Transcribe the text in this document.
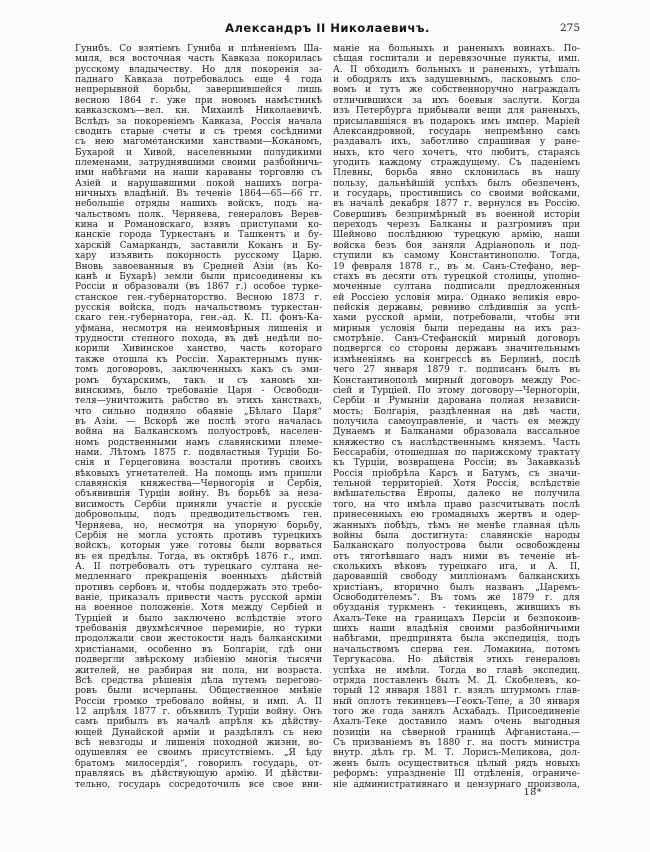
Александръ II Николаевичъ.	275
Гунибъ. Со взятіемъ Гуниба и плѣненіемъ Ша-
миля, вся восточная часть Кавказа покорилась
русскому владычеству. Но для покоренія за-
паднаго Кавказа потребовалось еще 4 года
непрерывной борьбы, завершившейся лишь
весною 1864 г. уже при новомъ намѣстникѣ
кавказскомъ—вел. кн. Михаилѣ Николаевичѣ.
Вслѣдъ за покореніемъ Кавказа, Россія начала
сводить старые счеты и съ тремя сосѣдними
съ нею магометанскими ханствами—Коканомъ,
Бухарой и Хивой, населенными полудикими
племенами, затруднявшими своими разбойничь-
ими набѣгами на наши караваны торговлю съ
Азіей и нарушавшими покой нашихъ погра-
ничныхъ владѣній. Въ теченіе 1864—65—66 гг.
небольшіе отряды нашихъ войскъ, подъ на-
чальствомъ полк. Черняева, генераловъ Верев-
кина и Романовскаго, взявъ приступами ко-
канскіе города Туркестанъ и Ташкентъ и бу-
харскій Самаркандъ, заставили Коканъ и Бу-
хару изъявить покорность русскому Царю.
Вновь завоеванныя въ Средней Азіи (въ Ко-
канѣ и Бухарѣ) земли были присоединены къ
Россіи и образовали (въ 1867 г.) особое турке-
станское ген.-губернаторство. Весною 1873 г.
русскія войска, подъ начальствомъ туркестан-
скаго ген.-губернатора, ген.-ад. К. П. фонъ-Ка-
уфмана, несмотря на неимовѣрныя лишенія и
трудности степного похода, въ двѣ недѣли по-
корили Хивинское ханство, часть котораго
также отошла къ Россіи. Характернымъ пунк-
томъ договоровъ, заключенныхъ какъ съ эми-
ромъ бухарскимъ, такъ и съ ханомъ хи-
винскимъ, было требованіе Царя - Освободи-
теля—уничтожить рабство въ этихъ ханствахъ,
что сильно подняло обаяніе „Бѣлаго Царя“
въ Азіи. — Вскорѣ же послѣ этого началась
война на Балканскомъ полуостровѣ, населен-
номъ родственными намъ славянскими племе-
нами. Лѣтомъ 1875 г. подвластныя Турціи Бо-
снія и Герцеговина возстали противъ своихъ
вѣковыхъ угнетателей. На помощь имъ пришли
славянскія княжества—Черногорія и Сербія,
объявившія Турціи войну. Въ борьбѣ за неза-
висимость Сербіи приняли участіе и русскіе
добровольцы, подъ предводительствомъ ген.
Черняева, но, несмотря на упорную борьбу,
Сербія не могла устоять противъ турецкихъ
войскъ, которыя уже готовы были ворваться
въ ея предѣлы. Тогда, въ октябрѣ 1876 г., имп.
А. II потребовалъ отъ турецкаго султана не-
медленнаго прекращенія военныхъ дѣйствій
противъ сербовъ и, чтобы поддержать это требо-
ваніе, приказалъ привести часть русской арміи
на военное положеніе. Хотя между Сербіей и
Турціей и было заключено вслѣдствіе этого
требованія двухмѣсячное перемиріе, но турки
продолжали свои жестокости надъ балканскими
христіанами, особенно въ Болгаріи, гдѣ они
подвергли звѣрскому избіенію многія тысячи
жителей, не разбирая ни пола, ни возраста.
Всѣ средства рѣшенія дѣла путемъ перегово-
ровъ были исчерпаны. Общественное мнѣніе
Россіи громко требовало войны, и имп. А. II
12 апрѣля 1877 г. объявилъ Турціи войну. Онъ
самъ прибылъ въ началѣ апрѣля къ дѣйству-
ющей Дунайской арміи и раздѣлялъ съ нею
всѣ невзгоды и лишенія походной жизни, во-
одушевляя ее своимъ присутствіемъ. „Я ѣду
братомъ милосердія“, говорилъ государь, от-
правляясь въ дѣйствующую армію. И дѣйстви-
тельно, государь сосредоточилъ все свое вни-
маніе на больныхъ и раненыхъ воинахъ. По-
сѣщая госпитали и перевязочные пункты, имп.
А. II обходилъ больныхъ и раненыхъ, утѣшалъ
и ободрялъ ихъ задушевнымъ, ласковымъ сло-
вомъ и тутъ же собственноручно награждалъ
отличившихся за ихъ боевыя заслуги. Когда
изъ Петербурга прибывали вещи для раненыхъ,
присылавшіяся въ подарокъ имъ импер. Маріей
Александровной, государь непремѣнно самъ
раздавалъ ихъ, заботливо спрашивая у ране-
ныхъ, кто чего хочетъ, что любитъ, стараясь
угодить каждому страждущему. Съ паденіемъ
Плевны, борьба явно склонилась въ нашу
пользу, дальнѣйшій успѣхъ былъ обезпеченъ,
и государь, простившись со своими войсками,
въ началѣ декабря 1877 г. вернулся въ Россію.
Совершивъ безпримѣрный въ военной исторіи
переходъ черезъ Балканы и разгромивъ при
Шейново послѣднюю турецкую армію, наши
войска безъ боя заняли Адріанополь и под-
ступили къ самому Константинополю. Тогда,
19 февраля 1878 г., въ м. Санъ-Стефано, вер-
стахъ въ десяти отъ турецкой столицы, уполно-
моченные султана подписали предложенныя
ей Россіею условія мира. Однако великія евро-
пейскія державы, ревниво слѣдившія за успѣ-
хами русской арміи, потребовали, чтобы эти
мирныя условія были переданы на ихъ раз-
смотрѣніе. Санъ-Стефанскій мирный договоръ
подвергся со стороны державъ значительнымъ
измѣненіямъ на конгрессѣ въ Берлинѣ, послѣ
чего 27 января 1879 г. подписанъ былъ въ
Константинополѣ мирный договоръ между Рос-
сіей и Турціей. По этому договору—Черногоріи,
Сербіи и Румыніи дарована полная независи-
мость; Болгарія, раздѣленная на двѣ части,
получила самоуправленіе, и часть ея между
Дунаемъ и Балканами образовала вассальное
княжество съ наслѣдственнымъ княземъ. Часть
Бессарабіи, отошедшая по парижскому трактату
къ Турціи, возвращена Россіи; въ Закавказьѣ
Россія пріобрѣла Карсъ и Батумъ, съ значи-
тельной территоріей. Хотя Россія, вслѣдствіе
вмѣшательства Европы, далеко не получила
того, на что имѣла право разсчитывать послѣ
принесенныхъ ею громадныхъ жертвъ и одер-
жанныхъ побѣдъ, тѣмъ не менѣе главная цѣль
войны была достигнута: славянскіе народы
Балканскаго полуострова были освобождены
отъ тяготѣвшаго надъ ними въ теченіе нѣ-
сколькихъ вѣковъ турецкаго ига, и А. II,
даровавшій свободу милліонамъ балканскихъ
христіанъ, вторично былъ названъ „Царемъ-
Освободителемъ“. Въ томъ же 1879 г. для
обузданія туркменъ - текинцевъ, жившихъ въ
Ахалъ-Теке на границахъ Персіи и безпокоив-
шихъ наши владѣнія своими разбойничьими
набѣгами, предпринята была экспедиція, подъ
начальствомъ сперва ген. Ломакина, потомъ
Тергукасова. Но дѣйствія этихъ генераловъ
успѣха не имѣли. Тогда во главѣ экспедиц.
отряда поставленъ былъ М. Д. Скобелевъ, ко-
торый 12 января 1881 г. взялъ штурмомъ глав-
ный оплотъ текинцевъ—Геокъ-Тепе, а 30 января
того же года занялъ Асхабадъ. Присоединеніе
Ахалъ-Теке доставило намъ очень выгодныя
позиціи на сѣверной границѣ Афганистана.—
Съ призваніемъ въ 1880 г. на постъ министра
внутр. дѣлъ гр. М. Т. Лорисъ-Меликова, дол-
женъ былъ осуществиться цѣлый рядъ новыхъ
реформъ: упраздненіе III отдѣленія, ограниче-
ніе административнаго и цензурнаго произвола,
18*
